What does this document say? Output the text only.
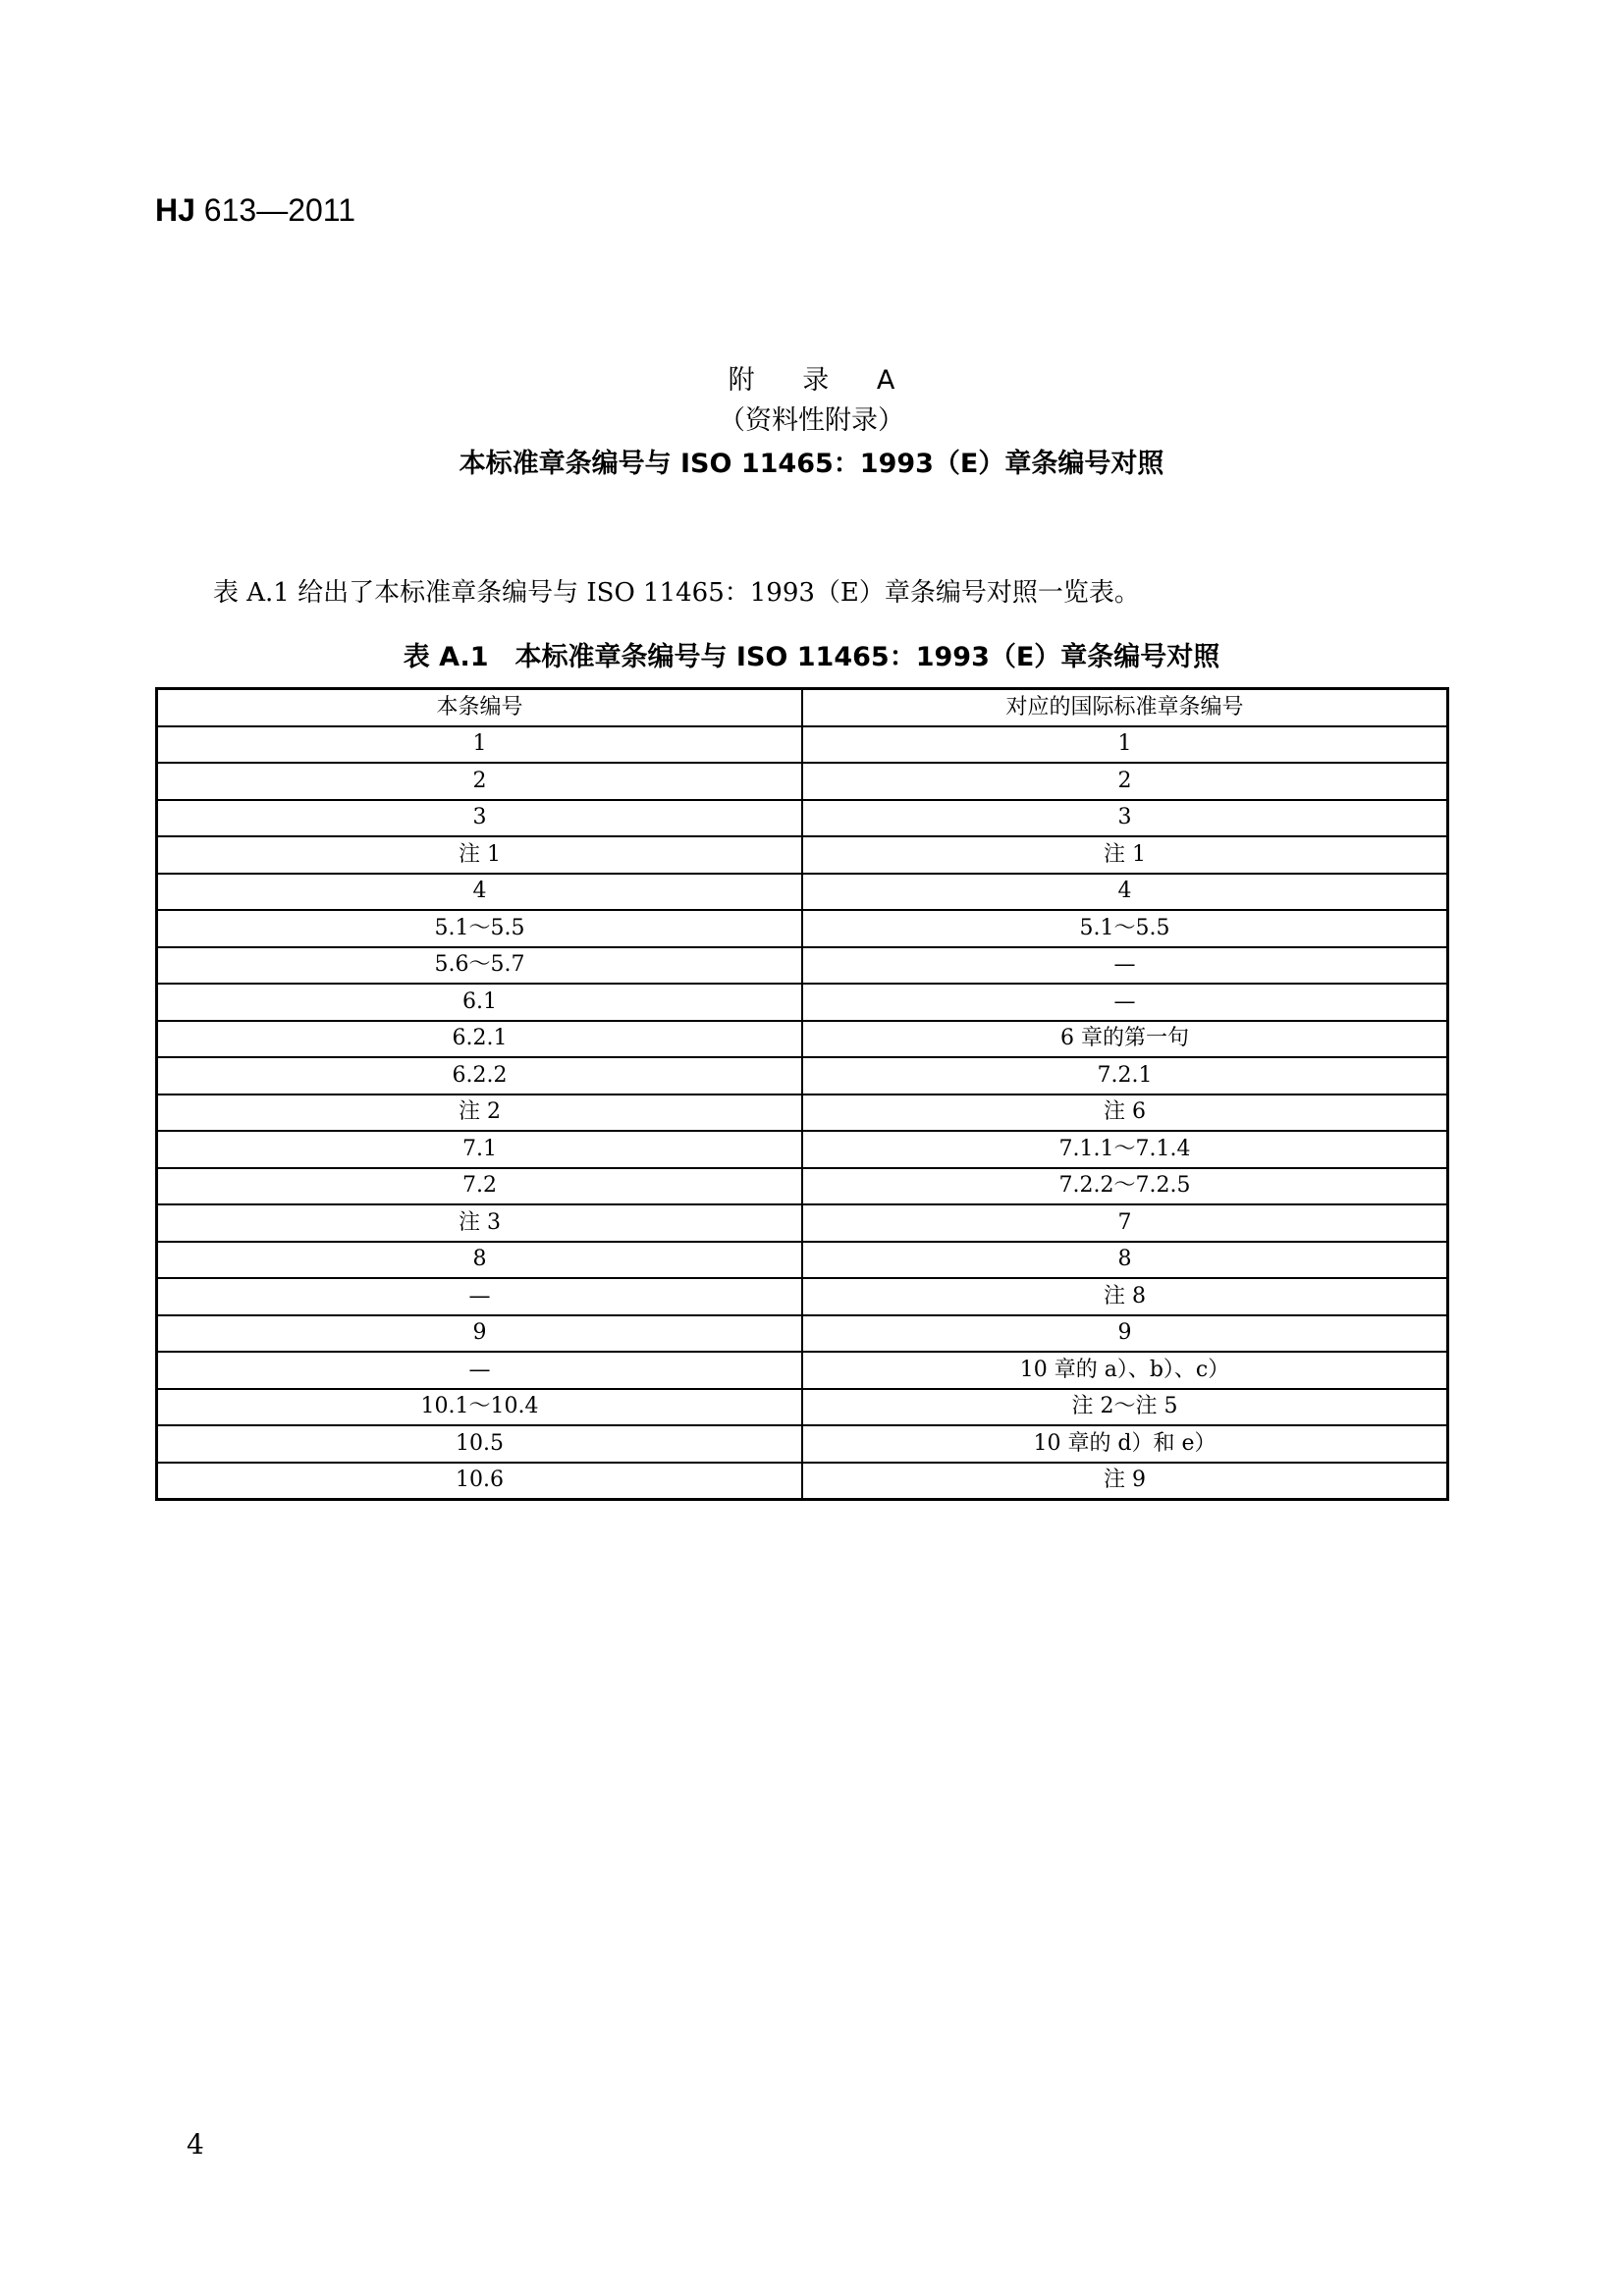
HJ 613—2011
附 录 A
（资料性附录）
本标准章条编号与 ISO 11465：1993（E）章条编号对照
表 A.1 给出了本标准章条编号与 ISO 11465：1993（E）章条编号对照一览表。
表 A.1　本标准章条编号与 ISO 11465：1993（E）章条编号对照
本条编号	对应的国际标准章条编号
1	1
2	2
3	3
注 1	注 1
4	4
5.1～5.5	5.1～5.5
5.6～5.7	—
6.1	—
6.2.1	6 章的第一句
6.2.2	7.2.1
注 2	注 6
7.1	7.1.1～7.1.4
7.2	7.2.2～7.2.5
注 3	7
8	8
—	注 8
9	9
—	10 章的 a）、b）、c）
10.1～10.4	注 2～注 5
10.5	10 章的 d）和 e）
10.6	注 9
4
